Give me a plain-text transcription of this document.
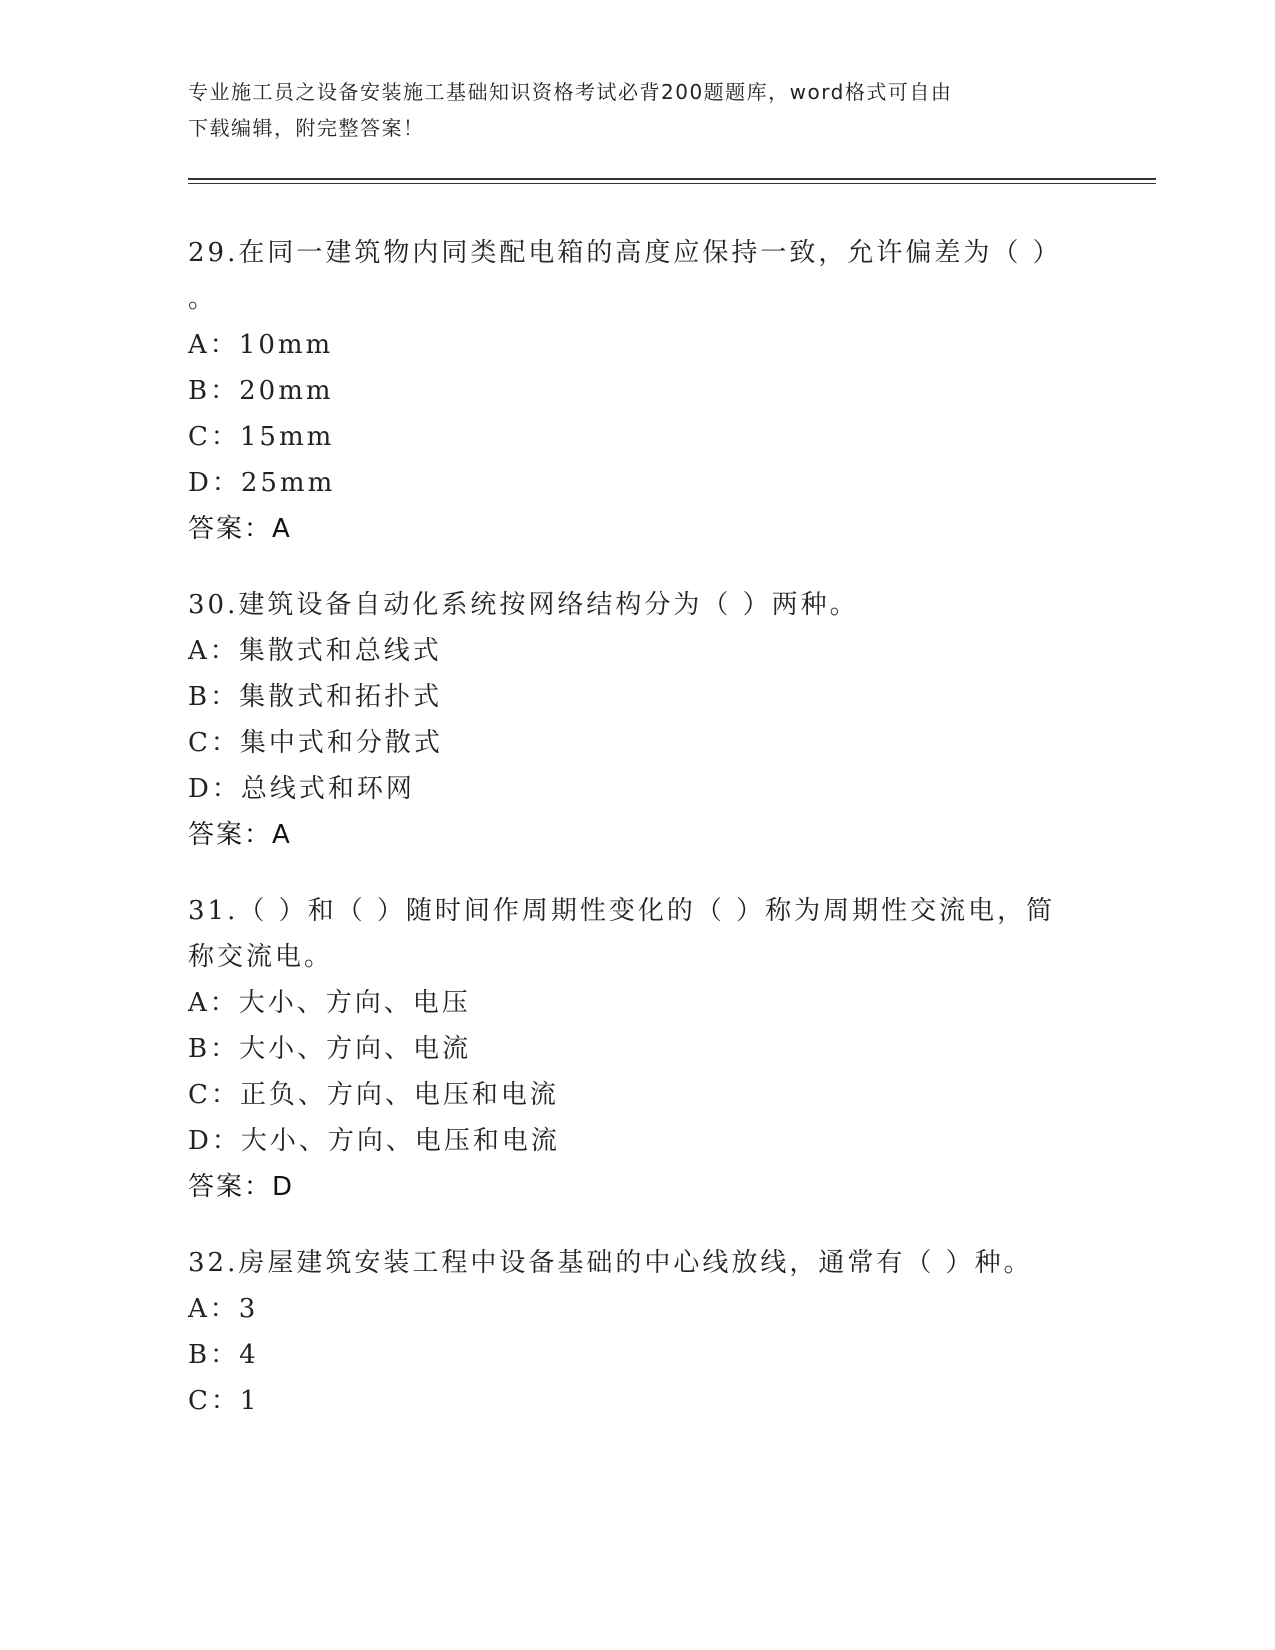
专业施工员之设备安装施工基础知识资格考试必背200题题库，word格式可自由
下载编辑，附完整答案！
29.在同一建筑物内同类配电箱的高度应保持一致，允许偏差为（ ）
。
A：10mm
B：20mm
C：15mm
D：25mm
答案：A
30.建筑设备自动化系统按网络结构分为（ ）两种。
A：集散式和总线式
B：集散式和拓扑式
C：集中式和分散式
D：总线式和环网
答案：A
31.（ ）和（ ）随时间作周期性变化的（ ）称为周期性交流电，简
称交流电。
A：大小、方向、电压
B：大小、方向、电流
C：正负、方向、电压和电流
D：大小、方向、电压和电流
答案：D
32.房屋建筑安装工程中设备基础的中心线放线，通常有（ ）种。
A：3
B：4
C：1
